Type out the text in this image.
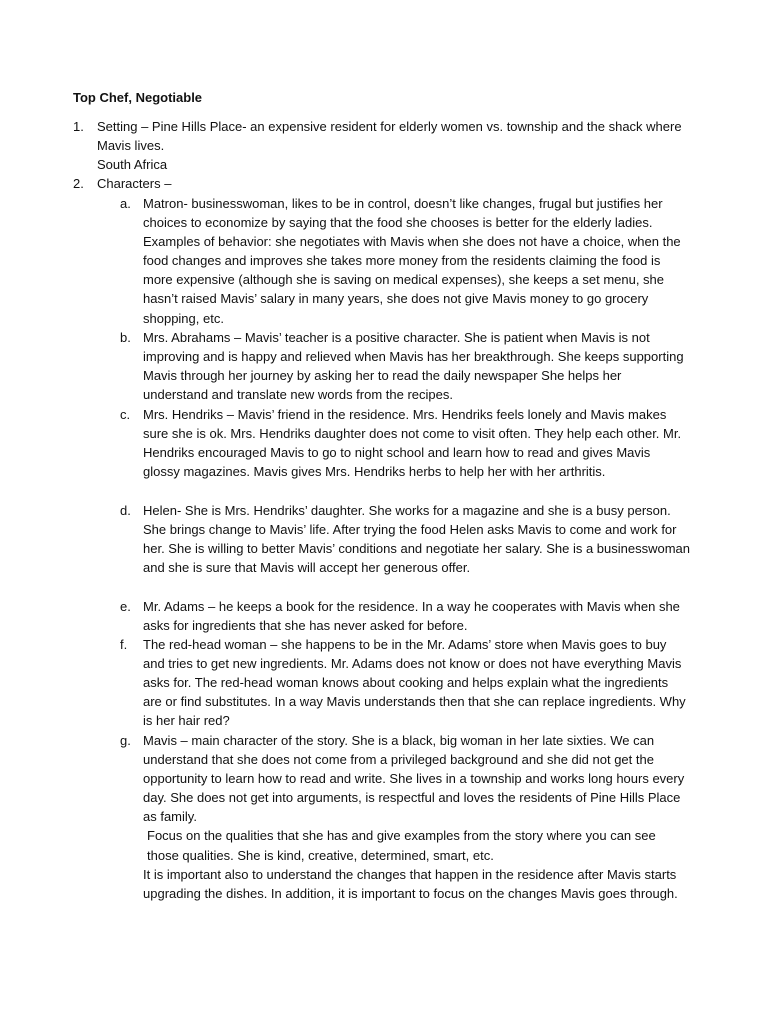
Top Chef, Negotiable
1.	Setting – Pine Hills Place- an expensive resident for elderly women vs. township and the shack where Mavis lives.
South Africa
2.	Characters –
a. Matron- businesswoman, likes to be in control, doesn’t like changes, frugal but justifies her choices to economize by saying that the food she chooses is better for the elderly ladies. Examples of behavior: she negotiates with Mavis when she does not have a choice, when the food changes and improves she takes more money from the residents claiming the food is more expensive (although she is saving on medical expenses), she keeps a set menu, she hasn’t raised Mavis’ salary in many years, she does not give Mavis money to go grocery shopping, etc.
b. Mrs. Abrahams – Mavis’ teacher is a positive character. She is patient when Mavis is not improving and is happy and relieved when Mavis has her breakthrough. She keeps supporting Mavis through her journey by asking her to read the daily newspaper She helps her understand and translate new words from the recipes.
c. Mrs. Hendriks – Mavis’ friend in the residence. Mrs. Hendriks feels lonely and Mavis makes sure she is ok. Mrs. Hendriks daughter does not come to visit often. They help each other. Mr. Hendriks encouraged Mavis to go to night school and learn how to read and gives Mavis glossy magazines. Mavis gives Mrs. Hendriks herbs to help her with her arthritis.
d. Helen- She is Mrs. Hendriks’ daughter. She works for a magazine and she is a busy person. She brings change to Mavis’ life. After trying the food Helen asks Mavis to come and work for her. She is willing to better Mavis’ conditions and negotiate her salary. She is a businesswoman and she is sure that Mavis will accept her generous offer.
e. Mr. Adams – he keeps a book for the residence. In a way he cooperates with Mavis when she asks for ingredients that she has never asked for before.
f.	The red-head woman – she happens to be in the Mr. Adams’ store when Mavis goes to buy and tries to get new ingredients. Mr. Adams does not know or does not have everything Mavis asks for. The red-head woman knows about cooking and helps explain what the ingredients are or find substitutes. In a way Mavis understands then that she can replace ingredients. Why is her hair red?
g. Mavis – main character of the story. She is a black, big woman in her late sixties. We can understand that she does not come from a privileged background and she did not get the opportunity to learn how to read and write. She lives in a township and works long hours every day. She does not get into arguments, is respectful and loves the residents of Pine Hills Place as family.
Focus on the qualities that she has and give examples from the story where you can see those qualities. She is kind, creative, determined, smart, etc.
It is important also to understand the changes that happen in the residence after Mavis starts upgrading the dishes. In addition, it is important to focus on the changes Mavis goes through.
